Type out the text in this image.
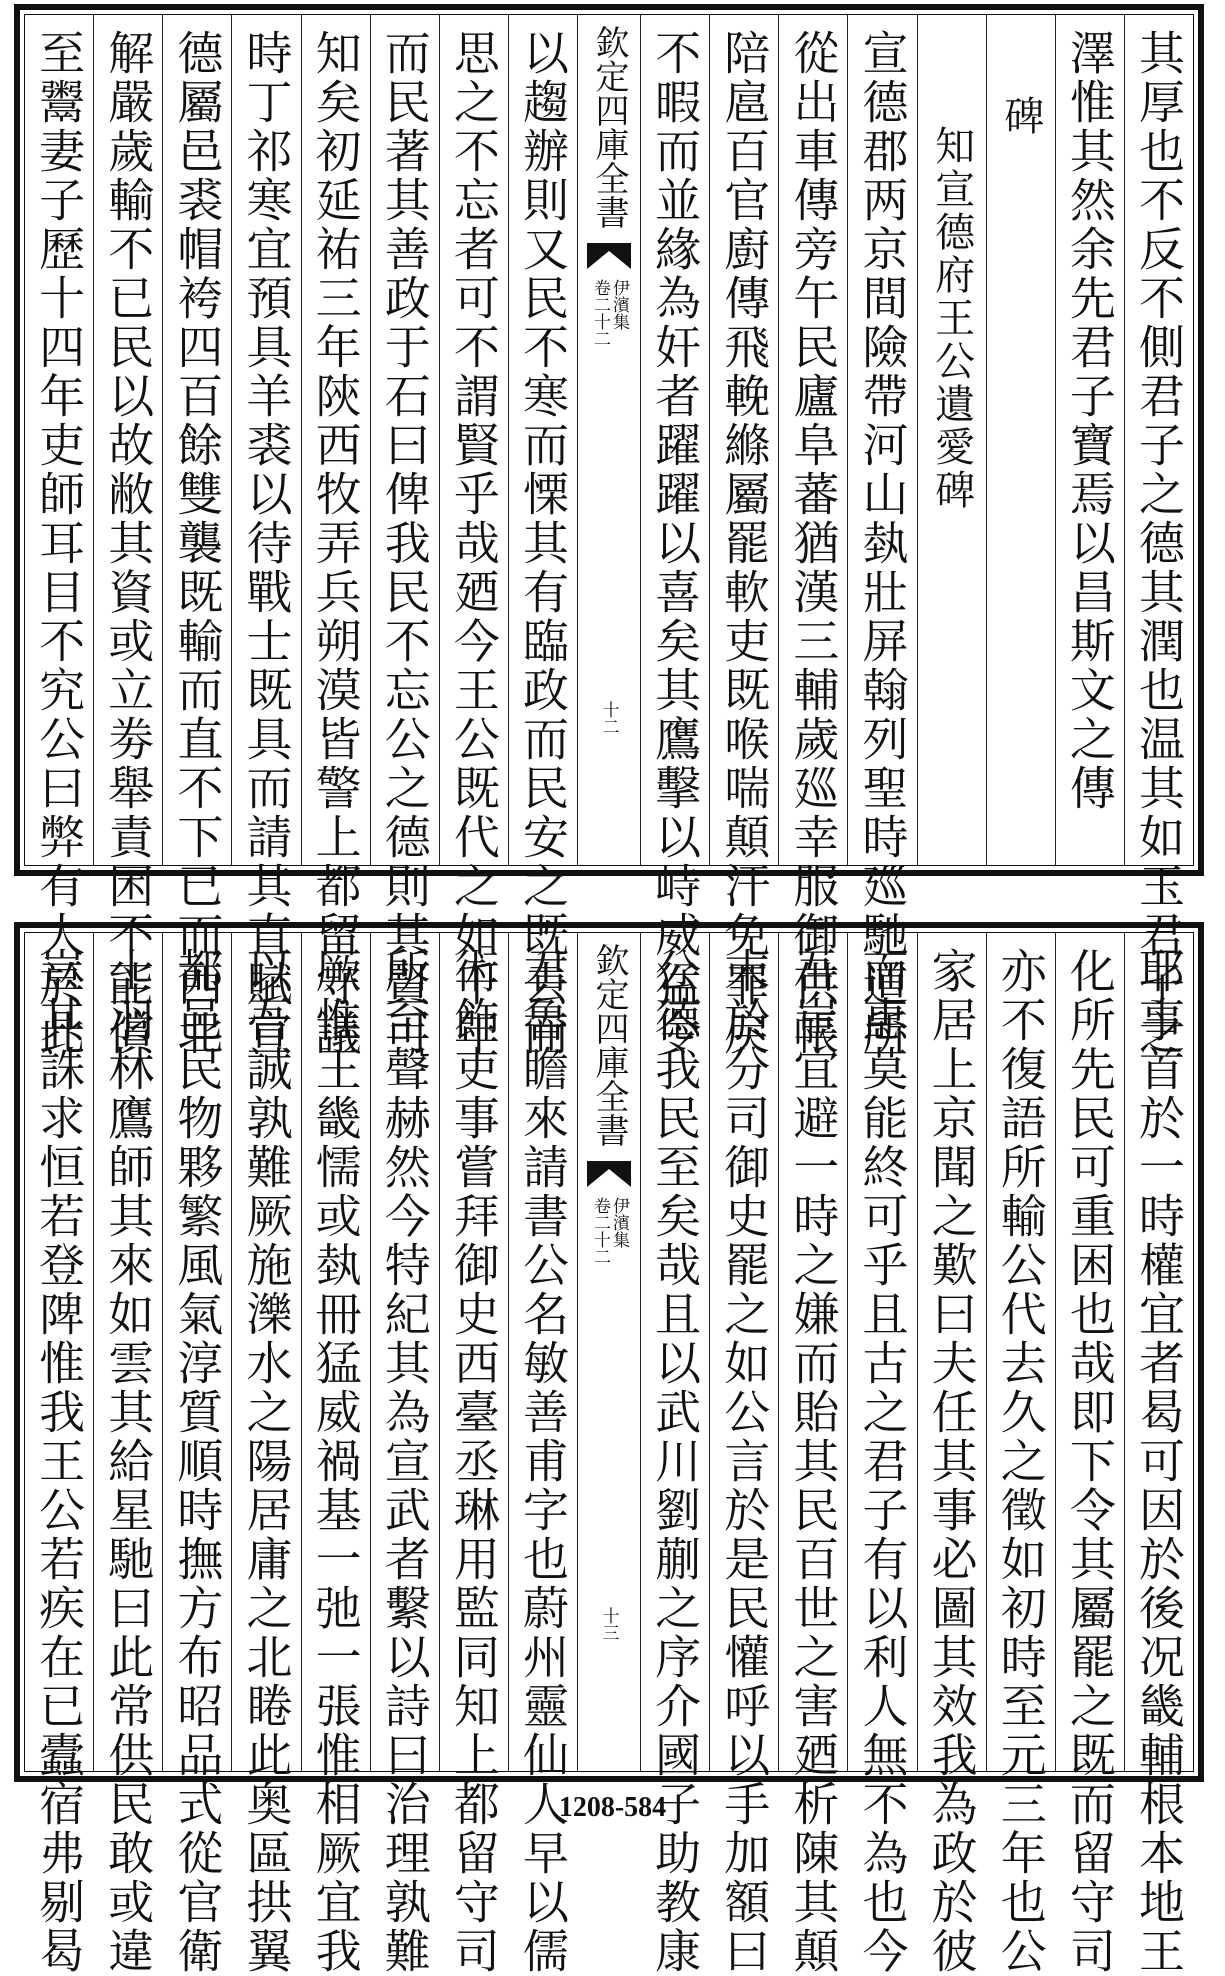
其厚也不反不側君子之德其潤也温其如玉君子之
澤惟其然余先君子寶焉以昌斯文之傳
碑
知宣德府王公遺愛碑
宣德郡两京間險帶河山埶壯屏翰列聖時廵馳道所
從出車傳旁午民廬阜蕃猶漢三輔歲廵幸服御供帳
陪扈百官廚傳飛輓縧屬罷軟吏既喉喘顛汗免罪戾
不暇而並緣為奸者躍躍以喜矣其鷹擊以峙威猛令
欽定四庫全書
伊濱集
卷二十二
十二
以趨辦則又民不寒而慄其有臨政而民安之既去而
思之不忘者可不謂賢乎哉廼今王公既代之如千年
而民著其善政于石曰俾我民不忘公之德則其賢可
知矣初延祐三年陝西牧弄兵朔漠皆警上都留守議
時丁祁寒宜預具羊裘以待戰士既具而請其直賦宣
德屬邑裘帽袴四百餘雙襲既輸而直不下已而西北
解嚴歲輸不已民以故敝其資或立劵舉責困不能償
至鬻妻子歷十四年吏師耳目不究公曰弊有大於此
耶事首於一時權宜者曷可因於後况畿輔根本地王
化所先民可重困也哉即下令其屬罷之既而留守司
亦不復語所輸公代去久之徵如初時至元三年也公
家居上京聞之歎曰夫任其事必圖其效我為政於彼
而惠莫能終可乎且古之君子有以利人無不為也今
吾豈宜避一時之嫌而貽其民百世之害廼析陳其顛
末於分司御史罷之如公言於是民懽呼以手加額曰
公德我民至矣哉且以武川劉蒯之序介國子助教康
欽定四庫全書
伊濱集
卷二十二
十三
君魯瞻來請書公名敏善甫字也蔚州靈仙人早以儒
術飾吏事嘗拜御史西臺丞琳用監同知上都留守司
所至聲赫然今特紀其為宣武者繫以詩曰治理孰難
厥惟王畿懦或埶冊猛威禍基一弛一張惟相厥宜我
以吾誠孰難厥施濼水之陽居庸之北睠此奥區拱翼
都邑民物夥繁風氣淳質順時撫方布昭品式從官衛
士羽林鷹師其來如雲其給星馳曰此常供民敢或違
豈其誅求恒若登陴惟我王公若疾在已蠹宿弗剔曷	1208-584
